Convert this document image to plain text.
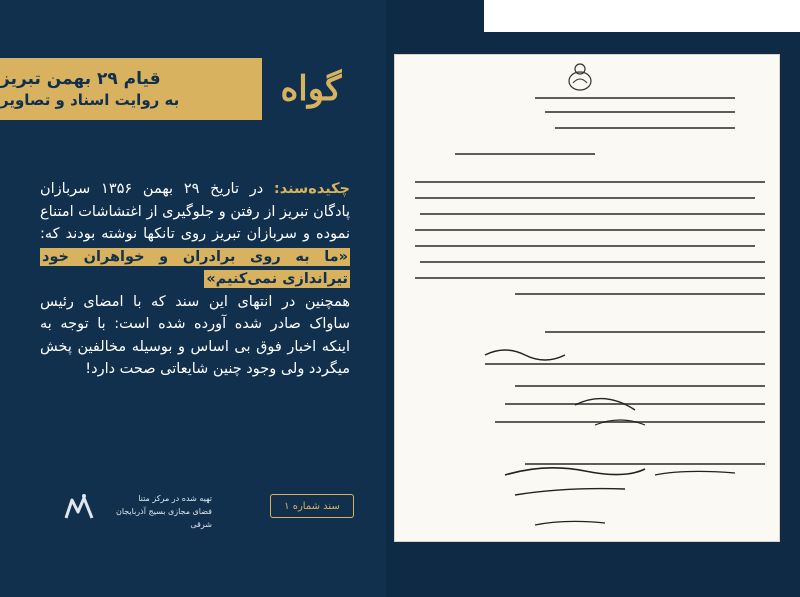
قیام ۲۹ بهمن تبریز
به روایت اسناد و تصاویر	گواه
چکیده‌سند: در تاریخ ۲۹ بهمن ۱۳۵۶ سربازان پادگان تبریز از رفتن و جلوگیری از اغتشاشات امتناع نموده و سربازان تبریز روی تانکها نوشته بودند که: «ما به روی برادران و خواهران خود تیراندازی نمی‌کنیم»
همچنین در انتهای این سند که با امضای رئیس ساواک صادر شده آورده شده است: با توجه به اینکه اخبار فوق بی اساس و بوسیله مخالفین پخش میگردد ولی وجود چنین شایعاتی صحت دارد!
تهیه شده در مرکز متنا
فضای مجازی بسیج آذربایجان شرقی
سند شماره ۱
